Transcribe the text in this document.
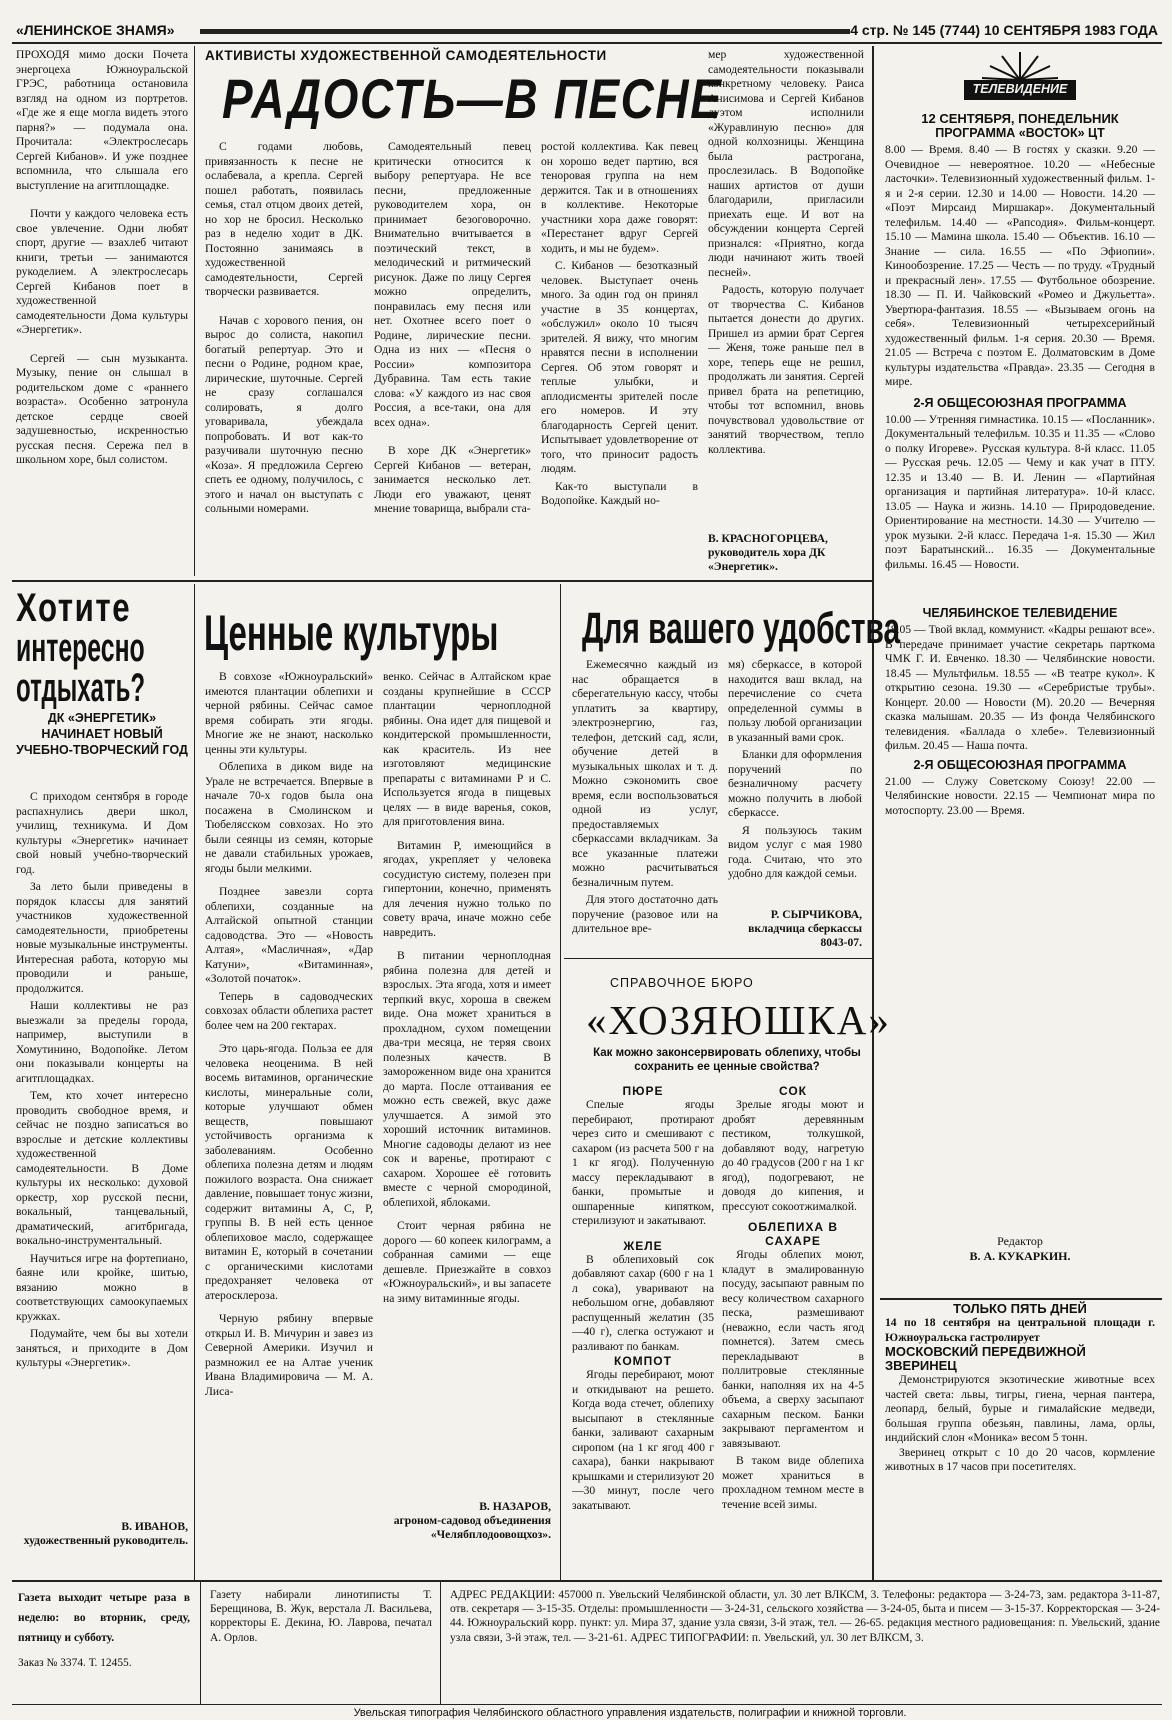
«ЛЕНИНСКОЕ ЗНАМЯ»	4 стр. № 145 (7744) 10 СЕНТЯБРЯ 1983 ГОДА

ПРОХОДЯ мимо доски Почета энергоцеха Южноуральской ГРЭС, работница остановила взгляд на одном из портретов. «Где же я еще могла видеть этого парня?» — подумала она. Прочитала: «Электрослесарь Сергей Кибанов». И уже позднее вспомнила, что слышала его выступление на агитплощадке.

Почти у каждого человека есть свое увлечение. Одни любят спорт, другие — взахлеб читают книги, третьи — занимаются рукоделием. А электрослесарь Сергей Кибанов поет в художественной самодеятельности Дома культуры «Энергетик».

Сергей — сын музыканта. Музыку, пение он слышал в родительском доме с «раннего возраста». Особенно затронула детское сердце своей задушевностью, искренностью русская песня. Сережа пел в школьном хоре, был солистом.

АКТИВИСТЫ ХУДОЖЕСТВЕННОЙ САМОДЕЯТЕЛЬНОСТИ
РАДОСТЬ—В ПЕСНЕ

С годами любовь, привязанность к песне не ослабевала, а крепла. Сергей пошел работать, появилась семья, стал отцом двоих детей, но хор не бросил. Несколько раз в неделю ходит в ДК. Постоянно занимаясь в художественной самодеятельности, Сергей творчески развивается.

Начав с хорового пения, он вырос до солиста, накопил богатый репертуар. Это и песни о Родине, родном крае, лирические, шуточные. Сергей не сразу соглашался солировать, я долго уговаривала, убеждала попробовать. И вот как-то разучивали шуточную песню «Коза». Я предложила Сергею спеть ее одному, получилось, с этого и начал он выступать с сольными номерами.

Самодеятельный певец критически относится к выбору репертуара. Не все песни, предложенные руководителем хора, он принимает безоговорочно. Внимательно вчитывается в поэтический текст, в мелодический и ритмический рисунок. Даже по лицу Сергея можно определить, понравилась ему песня или нет. Охотнее всего поет о Родине, лирические песни. Одна из них — «Песня о России» композитора Дубравина. Там есть такие слова: «У каждого из нас своя Россия, а все-таки, она для всех одна».

В хоре ДК «Энергетик» Сергей Кибанов — ветеран, занимается несколько лет. Люди его уважают, ценят мнение товарища, выбрали ста-

ростой коллектива. Как певец он хорошо ведет партию, вся теноровая группа на нем держится. Так и в отношениях в коллективе. Некоторые участники хора даже говорят: «Перестанет вдруг Сергей ходить, и мы не будем».

С. Кибанов — безотказный человек. Выступает очень много. За один год он принял участие в 35 концертах, «обслужил» около 10 тысяч зрителей. Я вижу, что многим нравятся песни в исполнении Сергея. Об этом говорят и теплые улыбки, и аплодисменты зрителей после его номеров. И эту благодарность Сергей ценит. Испытывает удовлетворение от того, что приносит радость людям.

Как-то выступали в Водопойке. Каждый но-

мер художественной самодеятельности показывали конкретному человеку. Раиса Анисимова и Сергей Кибанов дуэтом исполнили «Журавлиную песню» для одной колхозницы. Женщина была растрогана, прослезилась. В Водопойке наших артистов от души благодарили, пригласили приехать еще. И вот на обсуждении концерта Сергей признался: «Приятно, когда люди начинают жить твоей песней».

Радость, которую получает от творчества С. Кибанов пытается донести до других. Пришел из армии брат Сергея — Женя, тоже раньше пел в хоре, теперь еще не решил, продолжать ли занятия. Сергей привел брата на репетицию, чтобы тот вспомнил, вновь почувствовал удовольствие от занятий творчеством, тепло коллектива.

В. КРАСНОГОРЦЕВА,
руководитель хора ДК «Энергетик».
ТЕЛЕВИДЕНИЕ
12 СЕНТЯБРЯ, ПОНЕДЕЛЬНИК
ПРОГРАММА «ВОСТОК» ЦТ
8.00 — Время. 8.40 — В гостях у сказки. 9.20 — Очевидное — невероятное. 10.20 — «Небесные ласточки». Телевизионный художественный фильм. 1-я и 2-я серии. 12.30 и 14.00 — Новости. 14.20 — «Поэт Мирсаид Миршакар». Документальный телефильм. 14.40 — «Рапсодия». Фильм-концерт. 15.10 — Мамина школа. 15.40 — Объектив. 16.10 — Знание — сила. 16.55 — «По Эфиопии». Кинообозрение. 17.25 — Честь — по труду. «Трудный и прекрасный лен». 17.55 — Футбольное обозрение. 18.30 — П. И. Чайковский «Ромео и Джульетта». Увертюра-фантазия. 18.55 — «Вызываем огонь на себя». Телевизионный четырехсерийный художественный фильм. 1-я серия. 20.30 — Время. 21.05 — Встреча с поэтом Е. Долматовским в Доме культуры издательства «Правда». 23.35 — Сегодня в мире.
2-Я ОБЩЕСОЮЗНАЯ ПРОГРАММА
10.00 — Утренняя гимнастика. 10.15 — «Посланник». Документальный телефильм. 10.35 и 11.35 — «Слово о полку Игореве». Русская культура. 8-й класс. 11.05 — Русская речь. 12.05 — Чему и как учат в ПТУ. 12.35 и 13.40 — В. И. Ленин — «Партийная организация и партийная литература». 10-й класс. 13.05 — Наука и жизнь. 14.10 — Природоведение. Ориентирование на местности. 14.30 — Учителю — урок музыки. 2-й класс. Передача 1-я. 15.30 — Жил поэт Баратынский... 16.35 — Документальные фильмы. 16.45 — Новости.
ЧЕЛЯБИНСКОЕ ТЕЛЕВИДЕНИЕ
18.05 — Твой вклад, коммунист. «Кадры решают все». В передаче принимает участие секретарь парткома ЧМК Г. И. Евченко. 18.30 — Челябинские новости. 18.45 — Мультфильм. 18.55 — «В театре кукол». К открытию сезона. 19.30 — «Серебристые трубы». Концерт. 20.00 — Новости (М). 20.20 — Вечерняя сказка малышам. 20.35 — Из фонда Челябинского телевидения. «Баллада о хлебе». Телевизионный фильм. 20.45 — Наша почта.
2-Я ОБЩЕСОЮЗНАЯ ПРОГРАММА
21.00 — Служу Советскому Союзу! 22.00 — Челябинские новости. 22.15 — Чемпионат мира по мотоспорту. 23.00 — Время.
Редактор
В. А. КУКАРКИН.
ТОЛЬКО ПЯТЬ ДНЕЙ
14 по 18 сентября на центральной площади г. Южноуральска гастролирует
МОСКОВСКИЙ ПЕРЕДВИЖНОЙ ЗВЕРИНЕЦ
Демонстрируются экзотические животные всех частей света: львы, тигры, гиена, черная пантера, леопард, белый, бурые и гималайские медведи, большая группа обезьян, павлины, лама, орлы, индийский слон «Моника» весом 5 тонн.
Зверинец открыт с 10 до 20 часов, кормление животных в 17 часов при посетителях.
Хотите
интересно
отдыхать?
ДК «ЭНЕРГЕТИК» НАЧИНАЕТ НОВЫЙ УЧЕБНО-ТВОРЧЕСКИЙ ГОД

С приходом сентября в городе распахнулись двери школ, училищ, техникума. И Дом культуры «Энергетик» начинает свой новый учебно-творческий год.

За лето были приведены в порядок классы для занятий участников художественной самодеятельности, приобретены новые музыкальные инструменты. Интересная работа, которую мы проводили и раньше, продолжится.

Наши коллективы не раз выезжали за пределы города, например, выступили в Хомутинино, Водопойке. Летом они показывали концерты на агитплощадках.

Тем, кто хочет интересно проводить свободное время, и сейчас не поздно записаться во взрослые и детские коллективы художественной самодеятельности. В Доме культуры их несколько: духовой оркестр, хор русской песни, вокальный, танцевальный, драматический, агитбригада, вокально-инструментальный.

Научиться игре на фортепиано, баяне или кройке, шитью, вязанию можно в соответствующих самоокупаемых кружках.

Подумайте, чем бы вы хотели заняться, и приходите в Дом культуры «Энергетик».

В. ИВАНОВ,
художественный руководитель.
Ценные культуры

В совхозе «Южноуральский» имеются плантации облепихи и черной рябины. Сейчас самое время собирать эти ягоды. Многие же не знают, насколько ценны эти культуры.

Облепиха в диком виде на Урале не встречается. Впервые в начале 70-х годов была она посажена в Смолинском и Тюбелясском совхозах. Но это были сеянцы из семян, которые не давали стабильных урожаев, ягоды были мелкими.

Позднее завезли сорта облепихи, созданные на Алтайской опытной станции садоводства. Это — «Новость Алтая», «Масличная», «Дар Катуни», «Витаминная», «Золотой початок».

Теперь в садоводческих совхозах области облепиха растет более чем на 200 гектарах.

Это царь-ягода. Польза ее для человека неоценима. В ней восемь витаминов, органические кислоты, минеральные соли, которые улучшают обмен веществ, повышают устойчивость организма к заболеваниям. Особенно облепиха полезна детям и людям пожилого возраста. Она снижает давление, повышает тонус жизни, содержит витамины А, С, Р, группы В. В ней есть ценное облепиховое масло, содержащее витамин Е, который в сочетании с органическими кислотами предохраняет человека от атеросклероза.

Черную рябину впервые открыл И. В. Мичурин и завез из Северной Америки. Изучил и размножил ее на Алтае ученик Ивана Владимировича — М. А. Лиса-

венко. Сейчас в Алтайском крае созданы крупнейшие в СССР плантации черноплодной рябины. Она идет для пищевой и кондитерской промышленности, как краситель. Из нее изготовляют медицинские препараты с витаминами Р и С. Используется ягода в пищевых целях — в виде варенья, соков, для приготовления вина.

Витамин Р, имеющийся в ягодах, укрепляет у человека сосудистую систему, полезен при гипертонии, конечно, применять для лечения нужно только по совету врача, иначе можно себе навредить.

В питании черноплодная рябина полезна для детей и взрослых. Эта ягода, хотя и имеет терпкий вкус, хороша в свежем виде. Она может храниться в прохладном, сухом помещении два-три месяца, не теряя своих полезных качеств. В замороженном виде она хранится до марта. После оттаивания ее можно есть свежей, вкус даже улучшается. А зимой это хороший источник витаминов. Многие садоводы делают из нее сок и варенье, протирают с сахаром. Хорошее её готовить вместе с черной смородиной, облепихой, яблоками.

Стоит черная рябина не дорого — 60 копеек килограмм, а собранная самими — еще дешевле. Приезжайте в совхоз «Южноуральский», и вы запасете на зиму витаминные ягоды.

В. НАЗАРОВ,
агроном-садовод объединения «Челябплодоовощхоз».
Для вашего удобства

Ежемесячно каждый из нас обращается в сберегательную кассу, чтобы уплатить за квартиру, электроэнергию, газ, телефон, детский сад, ясли, обучение детей в музыкальных школах и т. д. Можно сэкономить свое время, если воспользоваться одной из услуг, предоставляемых сберкассами вкладчикам. За все указанные платежи можно расчитываться безналичным путем.

Для этого достаточно дать поручение (разовое или на длительное вре-

мя) сберкассе, в которой находится ваш вклад, на перечисление со счета определенной суммы в пользу любой организации в указанный вами срок.

Бланки для оформления поручений по безналичному расчету можно получить в любой сберкассе.

Я пользуюсь таким видом услуг с мая 1980 года. Считаю, что это удобно для каждой семьи.

Р. СЫРЧИКОВА,
вкладчица сберкассы 8043-07.
СПРАВОЧНОЕ БЮРО
«ХОЗЯЮШКА»
Как можно законсервировать облепиху, чтобы сохранить ее ценные свойства?
ПЮРЕ
Спелые ягоды перебирают, протирают через сито и смешивают с сахаром (из расчета 500 г на 1 кг ягод). Полученную массу перекладывают в банки, промытые и ошпаренные кипятком, стерилизуют и закатывают.
ЖЕЛЕ
В облепиховый сок добавляют сахар (600 г на 1 л сока), уваривают на небольшом огне, добавляют распущенный желатин (35—40 г), слегка остужают и разливают по банкам.
КОМПОТ
Ягоды перебирают, моют и откидывают на решето. Когда вода стечет, облепиху высыпают в стеклянные банки, заливают сахарным сиропом (на 1 кг ягод 400 г сахара), банки накрывают крышками и стерилизуют 20—30 минут, после чего закатывают.
СОК
Зрелые ягоды моют и дробят деревянным пестиком, толкушкой, добавляют воду, нагретую до 40 градусов (200 г на 1 кг ягод), подогревают, не доводя до кипения, и прессуют сокоотжималкой.
ОБЛЕПИХА В САХАРЕ
Ягоды облепих моют, кладут в эмалированную посуду, засыпают равным по весу количеством сахарного песка, размешивают (неважно, если часть ягод помнется). Затем смесь перекладывают в поллитровые стеклянные банки, наполняя их на 4-5 объема, а сверху засыпают сахарным песком. Банки закрывают пергаментом и завязывают.
В таком виде облепиха может храниться в прохладном темном месте в течение всей зимы.
Газета выходит четыре раза в неделю: во вторник, среду, пятницу и субботу.
Заказ № 3374. Т. 12455.
Газету набирали линотиписты Т. Берещинова, В. Жук, верстала Л. Васильева, корректоры Е. Декина, Ю. Лаврова, печатал А. Орлов.
АДРЕС РЕДАКЦИИ: 457000 п. Увельский Челябинской области, ул. 30 лет ВЛКСМ, 3. Телефоны: редактора — 3-24-73, зам. редактора 3-11-87, отв. секретаря — 3-15-35. Отделы: промышленности — 3-24-31, сельского хозяйства — 3-24-05, быта и писем — 3-15-37. Корректорская — 3-24-44. Южноуральский корр. пункт: ул. Мира 37, здание узла связи, 3-й этаж, тел. — 26-65. редакция местного радиовещания: п. Увельский, здание узла связи, 3-й этаж, тел. — 3-21-61. АДРЕС ТИПОГРАФИИ: п. Увельский, ул. 30 лет ВЛКСМ, 3.
Увельская типография Челябинского областного управления издательств, полиграфии и книжной торговли.
